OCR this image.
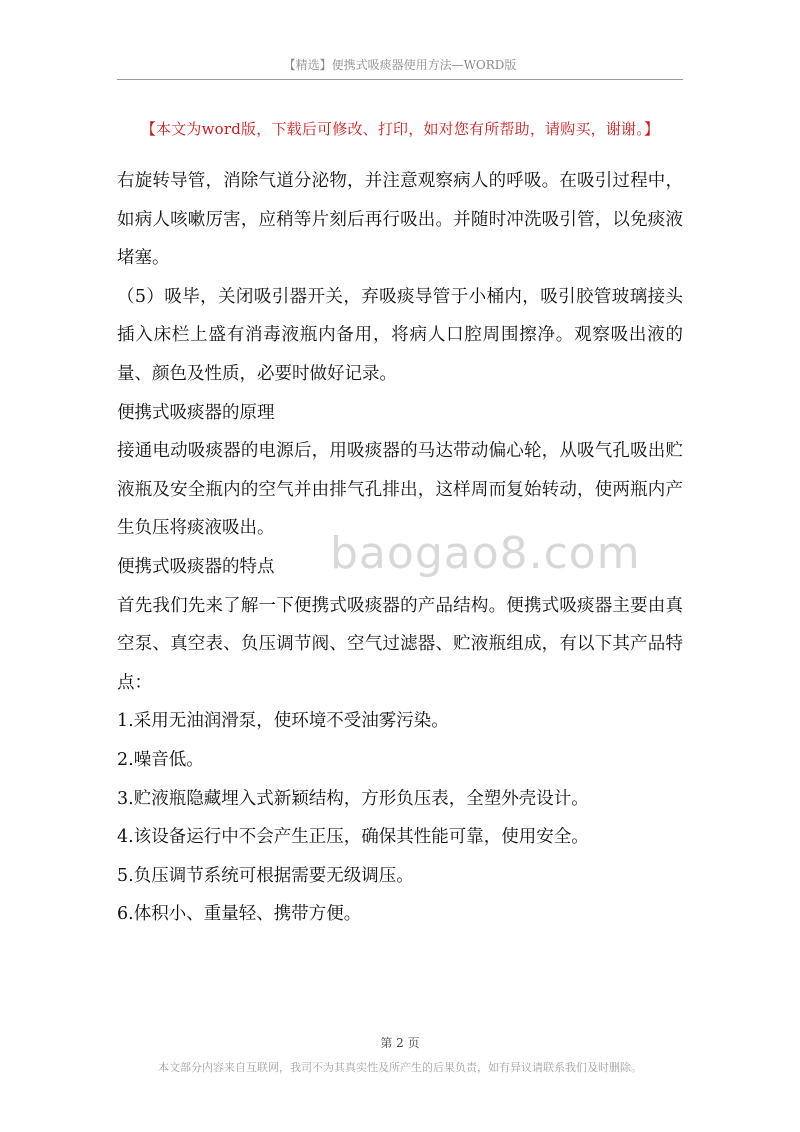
【精选】便携式吸痰器使用方法—WORD版
【本文为word版，下载后可修改、打印，如对您有所帮助，请购买，谢谢。】

右旋转导管，消除气道分泌物，并注意观察病人的呼吸。在吸引过程中，如病人咳嗽厉害，应稍等片刻后再行吸出。并随时冲洗吸引管，以免痰液堵塞。

（5）吸毕，关闭吸引器开关，弃吸痰导管于小桶内，吸引胶管玻璃接头插入床栏上盛有消毒液瓶内备用，将病人口腔周围擦净。观察吸出液的量、颜色及性质，必要时做好记录。

便携式吸痰器的原理

接通电动吸痰器的电源后，用吸痰器的马达带动偏心轮，从吸气孔吸出贮液瓶及安全瓶内的空气并由排气孔排出，这样周而复始转动，使两瓶内产生负压将痰液吸出。

便携式吸痰器的特点

首先我们先来了解一下便携式吸痰器的产品结构。便携式吸痰器主要由真空泵、真空表、负压调节阀、空气过滤器、贮液瓶组成，有以下其产品特点：

1.采用无油润滑泵，使环境不受油雾污染。

2.噪音低。

3.贮液瓶隐藏埋入式新颖结构，方形负压表，全塑外壳设计。

4.该设备运行中不会产生正压，确保其性能可靠，使用安全。

5.负压调节系统可根据需要无级调压。

6.体积小、重量轻、携带方便。

baogao8.com
第 2 页
本文部分内容来自互联网，我司不为其真实性及所产生的后果负责，如有异议请联系我们及时删除。
